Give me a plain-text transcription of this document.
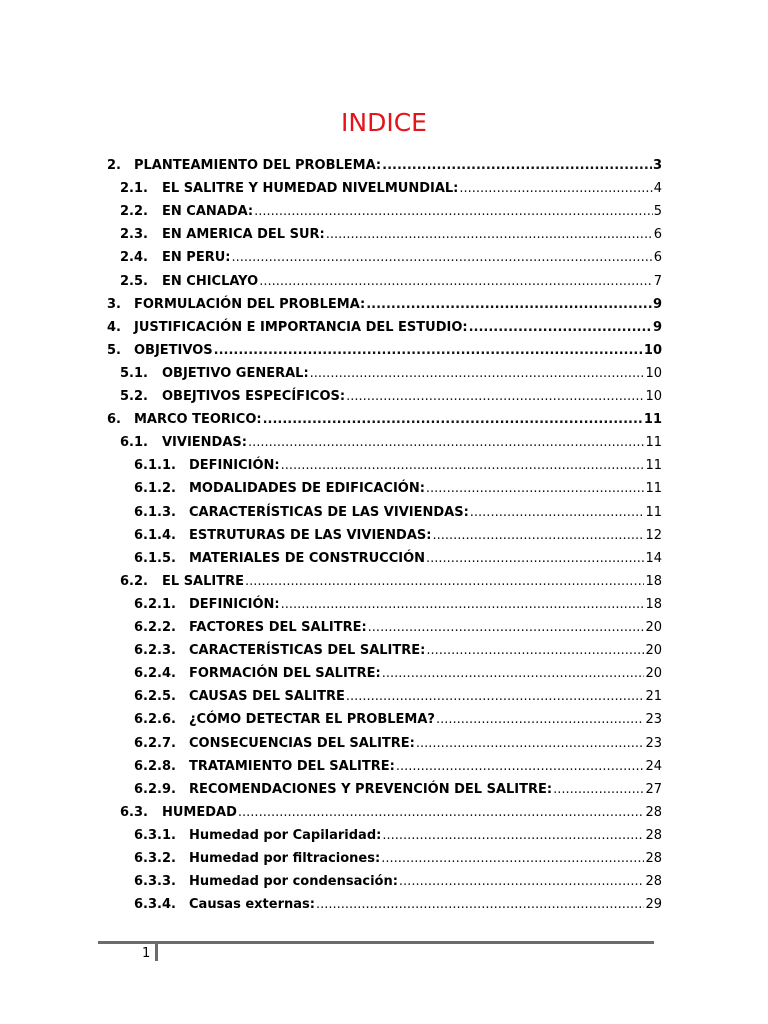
INDICE
2.	PLANTEAMIENTO DEL PROBLEMA: .....	3
2.1.	EL SALITRE Y HUMEDAD NIVELMUNDIAL: .....	4
2.2.	EN CANADA: .....	5
2.3.	EN AMERICA DEL SUR: .....	6
2.4.	EN PERU: .....	6
2.5.	EN CHICLAYO .....	7
3.	FORMULACIÓN DEL PROBLEMA: .....	9
4.	JUSTIFICACIÓN E IMPORTANCIA DEL ESTUDIO: .....	9
5.	OBJETIVOS .....	10
5.1.	OBJETIVO GENERAL: .....	10
5.2.	OBEJTIVOS ESPECÍFICOS: .....	10
6.	MARCO TEORICO: .....	11
6.1.	VIVIENDAS: .....	11
6.1.1.	DEFINICIÓN: .....	11
6.1.2.	MODALIDADES DE EDIFICACIÓN: .....	11
6.1.3.	CARACTERÍSTICAS DE LAS VIVIENDAS: .....	11
6.1.4.	ESTRUTURAS DE LAS VIVIENDAS: .....	12
6.1.5.	MATERIALES DE CONSTRUCCIÓN .....	14
6.2.	EL SALITRE .....	18
6.2.1.	DEFINICIÓN: .....	18
6.2.2.	FACTORES DEL SALITRE: .....	20
6.2.3.	CARACTERÍSTICAS DEL SALITRE: .....	20
6.2.4.	FORMACIÓN DEL SALITRE: .....	20
6.2.5.	CAUSAS DEL SALITRE .....	21
6.2.6.	¿CÓMO DETECTAR EL PROBLEMA? .....	23
6.2.7.	CONSECUENCIAS DEL SALITRE: .....	23
6.2.8.	TRATAMIENTO DEL SALITRE: .....	24
6.2.9.	RECOMENDACIONES Y PREVENCIÓN DEL SALITRE: .....	27
6.3.	HUMEDAD .....	28
6.3.1.	Humedad por Capilaridad: .....	28
6.3.2.	Humedad por filtraciones: .....	28
6.3.3.	Humedad por condensación: .....	28
6.3.4.	Causas externas: .....	29
1
